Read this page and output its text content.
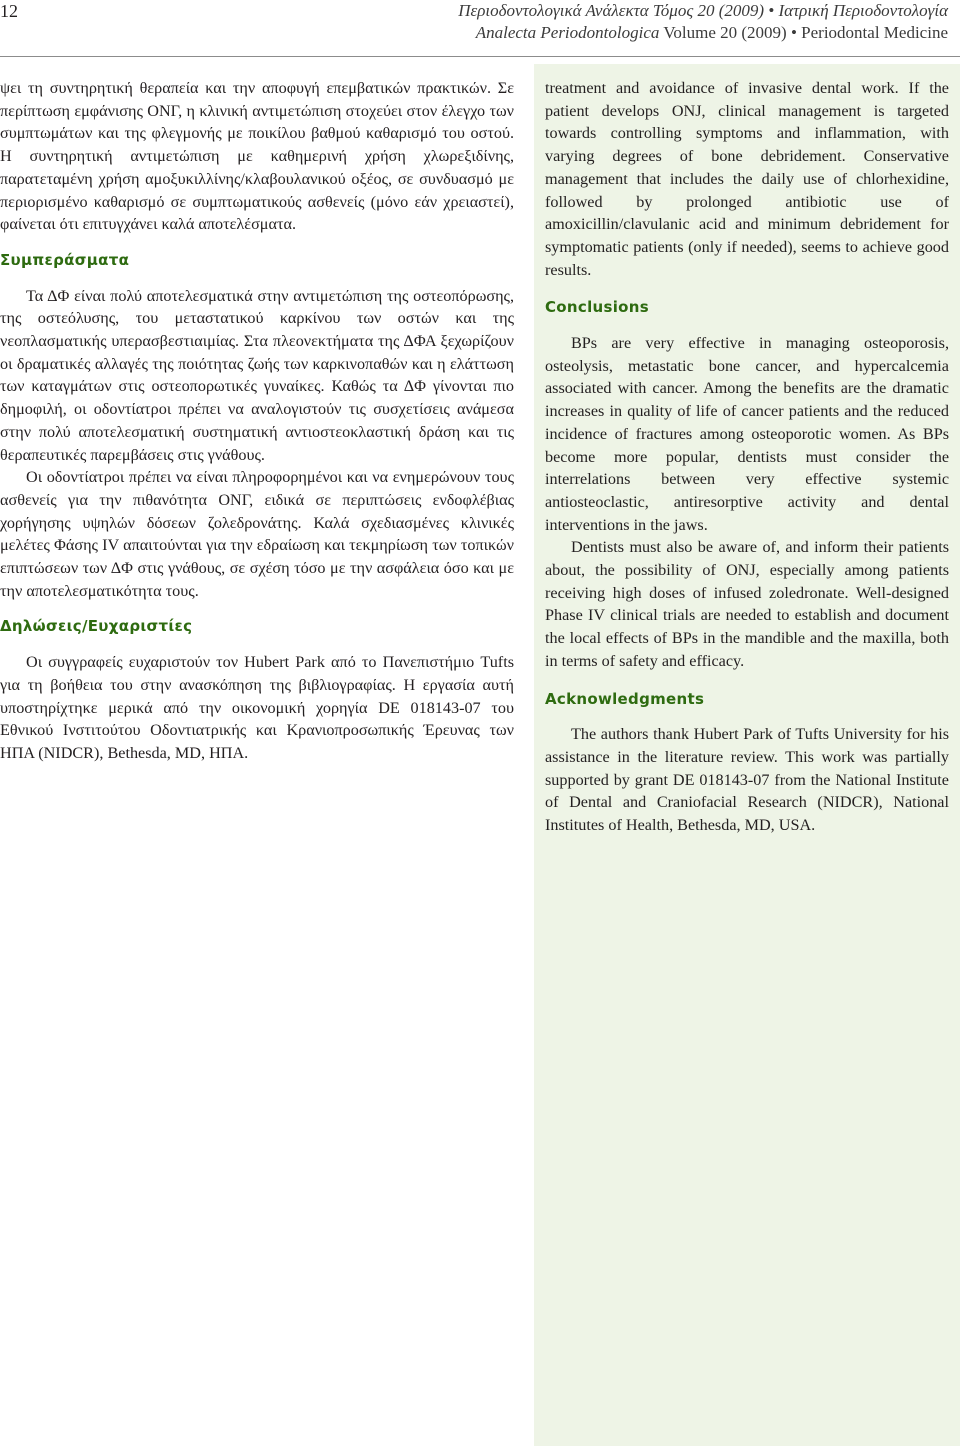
12	Περιοδοντολογικά Ανάλεκτα Τόμος 20 (2009) • Ιατρική Περιοδοντολογία
Analecta Periodontologica Volume 20 (2009) • Periodontal Medicine

ψει τη συντηρητική θεραπεία και την αποφυγή επεμβατικών πρακτικών. Σε περίπτωση εμφάνισης ΟΝΓ, η κλινική αντιμετώπιση στοχεύει στον έλεγχο των συμπτωμάτων και της φλεγμονής με ποικίλου βαθμού καθαρισμό του οστού. Η συντηρητική αντιμετώπιση με καθημερινή χρήση χλωρεξιδίνης, παρατεταμένη χρήση αμοξυκιλλίνης/κλαβουλανικού οξέος, σε συνδυασμό με περιορισμένο καθαρισμό σε συμπτωματικούς ασθενείς (μόνο εάν χρειαστεί), φαίνεται ότι επιτυγχάνει καλά αποτελέσματα.

Συμπεράσματα

Τα ΔΦ είναι πολύ αποτελεσματικά στην αντιμετώπιση της οστεοπόρωσης, της οστεόλυσης, του μεταστατικού καρκίνου των οστών και της νεοπλασματικής υπερασβεστιαιμίας. Στα πλεονεκτήματα της ΔΦΑ ξεχωρίζουν οι δραματικές αλλαγές της ποιότητας ζωής των καρκινοπαθών και η ελάττωση των καταγμάτων στις οστεοπορωτικές γυναίκες. Καθώς τα ΔΦ γίνονται πιο δημοφιλή, οι οδοντίατροι πρέπει να αναλογιστούν τις συσχετίσεις ανάμεσα στην πολύ αποτελεσματική συστηματική αντιοστεοκλαστική δράση και τις θεραπευτικές παρεμβάσεις στις γνάθους.

Οι οδοντίατροι πρέπει να είναι πληροφορημένοι και να ενημερώνουν τους ασθενείς για την πιθανότητα ΟΝΓ, ειδικά σε περιπτώσεις ενδοφλέβιας χορήγησης υψηλών δόσεων ζολεδρονάτης. Καλά σχεδιασμένες κλινικές μελέτες Φάσης IV απαιτούνται για την εδραίωση και τεκμηρίωση των τοπικών επιπτώσεων των ΔΦ στις γνάθους, σε σχέση τόσο με την ασφάλεια όσο και με την αποτελεσματικότητα τους.

Δηλώσεις/Ευχαριστίες

Οι συγγραφείς ευχαριστούν τον Hubert Park από το Πανεπιστήμιο Tufts για τη βοήθεια του στην ανασκόπηση της βιβλιογραφίας. Η εργασία αυτή υποστηρίχτηκε μερικά από την οικονομική χορηγία DE 018143-07 του Εθνικού Ινστιτούτου Οδοντιατρικής και Κρανιοπροσωπικής Έρευνας των ΗΠΑ (NIDCR), Bethesda, MD, ΗΠΑ.

treatment and avoidance of invasive dental work. If the patient develops ONJ, clinical management is targeted towards controlling symptoms and inflammation, with varying degrees of bone debridement. Conservative management that includes the daily use of chlorhexidine, followed by prolonged antibiotic use of amoxicillin/clavulanic acid and minimum debridement for symptomatic patients (only if needed), seems to achieve good results.

Conclusions

BPs are very effective in managing osteoporosis, osteolysis, metastatic bone cancer, and hypercalcemia associated with cancer. Among the benefits are the dramatic increases in quality of life of cancer patients and the reduced incidence of fractures among osteoporotic women. As BPs become more popular, dentists must consider the interrelations between very effective systemic antiosteoclastic, antiresorptive activity and dental interventions in the jaws.

Dentists must also be aware of, and inform their patients about, the possibility of ONJ, especially among patients receiving high doses of infused zoledronate. Well-designed Phase IV clinical trials are needed to establish and document the local effects of BPs in the mandible and the maxilla, both in terms of safety and efficacy.

Acknowledgments

The authors thank Hubert Park of Tufts University for his assistance in the literature review. This work was partially supported by grant DE 018143-07 from the National Institute of Dental and Craniofacial Research (NIDCR), National Institutes of Health, Bethesda, MD, USA.
